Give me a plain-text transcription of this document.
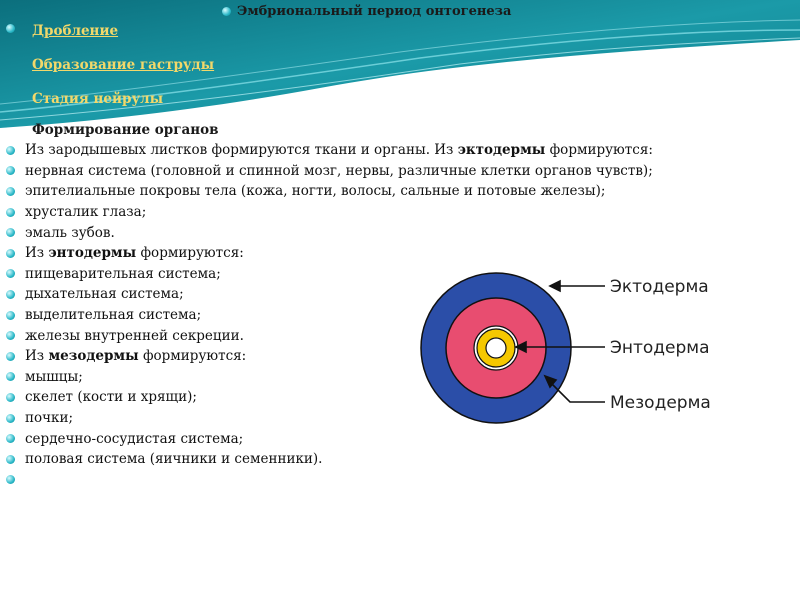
Эмбриональный период онтогенеза
Дробление
Образование гаструды
Стадия нейрулы
Формирование органов
Из зародышевых листков формируются ткани и органы. Из эктодермы формируются:
нервная система (головной и спинной мозг, нервы, различные клетки органов чувств);
эпителиальные покровы тела (кожа, ногти, волосы, сальные и потовые железы);
хрусталик глаза;
эмаль зубов.
Из энтодермы формируются:
пищеварительная система;
дыхательная система;
выделительная система;
железы внутренней секреции.
Из мезодермы формируются:
мышцы;
скелет (кости и хрящи);
почки;
сердечно-сосудистая система;
половая система (яичники и семенники).
Эктодерма
Энтодерма
Мезодерма
